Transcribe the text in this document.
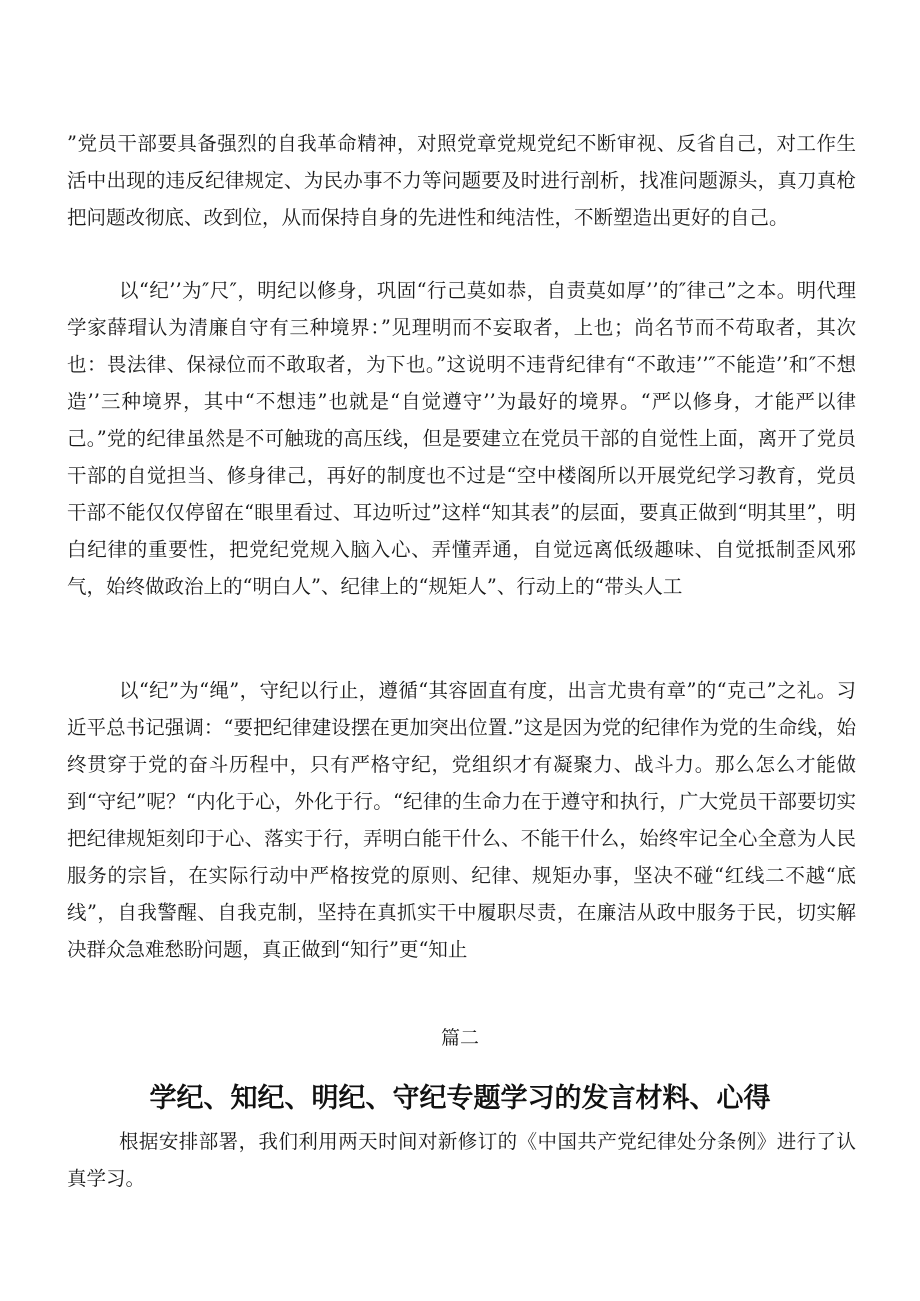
”党员干部要具备强烈的自我革命精神，对照党章党规党纪不断审视、反省自己，对工作生活中出现的违反纪律规定、为民办事不力等问题要及时进行剖析，找准问题源头，真刀真枪把问题改彻底、改到位，从而保持自身的先进性和纯洁性，不断塑造出更好的自己。

以“纪’’为″尺″，明纪以修身，巩固“行己莫如恭，自责莫如厚’’的″律己”之本。明代理学家薛瑁认为清廉自守有三种境界：”见理明而不妄取者，上也；尚名节而不苟取者，其次也：畏法律、保禄位而不敢取者，为下也。”这说明不违背纪律有“不敢违’’″不能造’’和″不想造’’三种境界，其中“不想违”也就是“自觉遵守’’为最好的境界。“严以修身，才能严以律己。”党的纪律虽然是不可触珑的高压线，但是要建立在党员干部的自觉性上面，离开了党员干部的自觉担当、修身律己，再好的制度也不过是“空中楼阁所以开展党纪学习教育，党员干部不能仅仅停留在“眼里看过、耳边听过”这样“知其表”的层面，要真正做到“明其里”，明白纪律的重要性，把党纪党规入脑入心、弄懂弄通，自觉远离低级趣味、自觉抵制歪风邪气，始终做政治上的“明白人”、纪律上的“规矩人”、行动上的“带头人工

以“纪”为“绳”，守纪以行止，遵循“其容固直有度，出言尤贵有章”的“克己”之礼。习近平总书记强调：“要把纪律建设摆在更加突出位置.”这是因为党的纪律作为党的生命线，始终贯穿于党的奋斗历程中，只有严格守纪，党组织才有凝聚力、战斗力。那么怎么才能做到“守纪”呢？“内化于心，外化于行。“纪律的生命力在于遵守和执行，广大党员干部要切实把纪律规矩刻印于心、落实于行，弄明白能干什么、不能干什么，始终牢记全心全意为人民服务的宗旨，在实际行动中严格按党的原则、纪律、规矩办事，坚决不碰“红线二不越“底线”，自我警醒、自我克制，坚持在真抓实干中履职尽责，在廉洁从政中服务于民，切实解决群众急难愁盼问题，真正做到“知行”更“知止

篇二

学纪、知纪、明纪、守纪专题学习的发言材料、心得

根据安排部署，我们利用两天时间对新修订的《中国共产党纪律处分条例》进行了认真学习。
